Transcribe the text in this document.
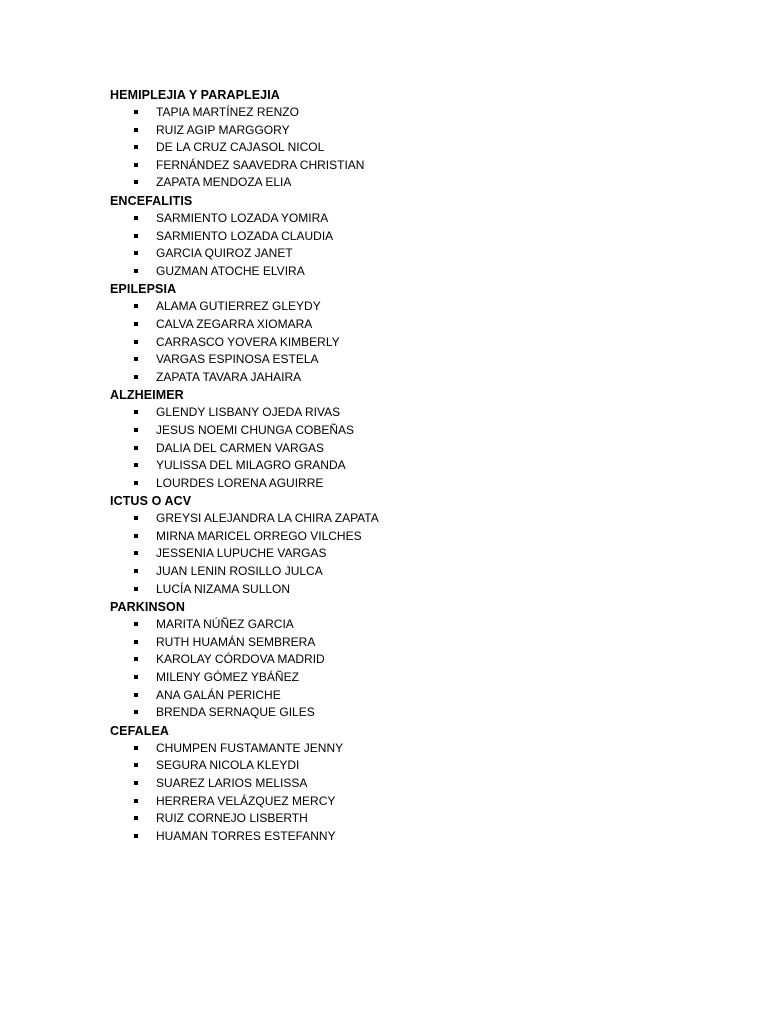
HEMIPLEJIA Y PARAPLEJIA
TAPIA MARTÍNEZ RENZO
RUIZ AGIP MARGGORY
DE LA CRUZ CAJASOL NICOL
FERNÁNDEZ SAAVEDRA CHRISTIAN
ZAPATA MENDOZA ELIA
ENCEFALITIS
SARMIENTO LOZADA YOMIRA
SARMIENTO LOZADA CLAUDIA
GARCIA QUIROZ JANET
GUZMAN ATOCHE ELVIRA
EPILEPSIA
ALAMA GUTIERREZ GLEYDY
CALVA ZEGARRA XIOMARA
CARRASCO YOVERA KIMBERLY
VARGAS ESPINOSA ESTELA
ZAPATA TAVARA JAHAIRA
ALZHEIMER
GLENDY LISBANY OJEDA RIVAS
JESUS NOEMI CHUNGA COBEÑAS
DALIA DEL CARMEN VARGAS
YULISSA DEL MILAGRO GRANDA
LOURDES LORENA AGUIRRE
ICTUS O ACV
GREYSI ALEJANDRA LA CHIRA ZAPATA
MIRNA MARICEL ORREGO VILCHES
JESSENIA LUPUCHE VARGAS
JUAN LENIN ROSILLO JULCA
LUCÍA NIZAMA SULLON
PARKINSON
MARITA NÚÑEZ GARCIA
RUTH HUAMÁN SEMBRERA
KAROLAY CÓRDOVA MADRID
MILENY GÓMEZ YBÁÑEZ
ANA GALÁN PERICHE
BRENDA SERNAQUE GILES
CEFALEA
CHUMPEN FUSTAMANTE JENNY
SEGURA NICOLA KLEYDI
SUAREZ LARIOS MELISSA
HERRERA VELÁZQUEZ MERCY
RUIZ CORNEJO LISBERTH
HUAMAN TORRES ESTEFANNY
